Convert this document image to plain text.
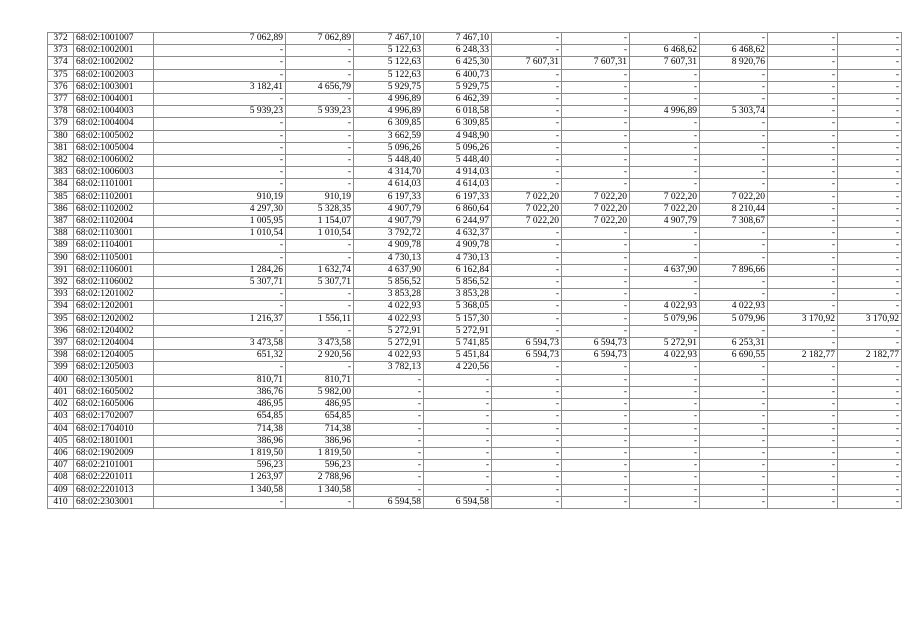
372	68:02:1001007	7 062,89	7 062,89	7 467,10	7 467,10	-	-	-	-	-	-
373	68:02:1002001	-	-	5 122,63	6 248,33	-	-	6 468,62	6 468,62	-	-
374	68:02:1002002	-	-	5 122,63	6 425,30	7 607,31	7 607,31	7 607,31	8 920,76	-	-
375	68:02:1002003	-	-	5 122,63	6 400,73	-	-	-	-	-	-
376	68:02:1003001	3 182,41	4 656,79	5 929,75	5 929,75	-	-	-	-	-	-
377	68:02:1004001	-	-	4 996,89	6 462,39	-	-	-	-	-	-
378	68:02:1004003	5 939,23	5 939,23	4 996,89	6 018,58	-	-	4 996,89	5 303,74	-	-
379	68:02:1004004	-	-	6 309,85	6 309,85	-	-	-	-	-	-
380	68:02:1005002	-	-	3 662,59	4 948,90	-	-	-	-	-	-
381	68:02:1005004	-	-	5 096,26	5 096,26	-	-	-	-	-	-
382	68:02:1006002	-	-	5 448,40	5 448,40	-	-	-	-	-	-
383	68:02:1006003	-	-	4 314,70	4 914,03	-	-	-	-	-	-
384	68:02:1101001	-	-	4 614,03	4 614,03	-	-	-	-	-	-
385	68:02:1102001	910,19	910,19	6 197,33	6 197,33	7 022,20	7 022,20	7 022,20	7 022,20	-	-
386	68:02:1102002	4 297,30	5 328,35	4 907,79	6 860,64	7 022,20	7 022,20	7 022,20	8 210,44	-	-
387	68:02:1102004	1 005,95	1 154,07	4 907,79	6 244,97	7 022,20	7 022,20	4 907,79	7 308,67	-	-
388	68:02:1103001	1 010,54	1 010,54	3 792,72	4 632,37	-	-	-	-	-	-
389	68:02:1104001	-	-	4 909,78	4 909,78	-	-	-	-	-	-
390	68:02:1105001	-	-	4 730,13	4 730,13	-	-	-	-	-	-
391	68:02:1106001	1 284,26	1 632,74	4 637,90	6 162,84	-	-	4 637,90	7 896,66	-	-
392	68:02:1106002	5 307,71	5 307,71	5 856,52	5 856,52	-	-	-	-	-	-
393	68:02:1201002	-	-	3 853,28	3 853,28	-	-	-	-	-	-
394	68:02:1202001	-	-	4 022,93	5 368,05	-	-	4 022,93	4 022,93	-	-
395	68:02:1202002	1 216,37	1 556,11	4 022,93	5 157,30	-	-	5 079,96	5 079,96	3 170,92	3 170,92
396	68:02:1204002	-	-	5 272,91	5 272,91	-	-	-	-	-	-
397	68:02:1204004	3 473,58	3 473,58	5 272,91	5 741,85	6 594,73	6 594,73	5 272,91	6 253,31	-	-
398	68:02:1204005	651,32	2 920,56	4 022,93	5 451,84	6 594,73	6 594,73	4 022,93	6 690,55	2 182,77	2 182,77
399	68:02:1205003	-	-	3 782,13	4 220,56	-	-	-	-	-	-
400	68:02:1305001	810,71	810,71	-	-	-	-	-	-	-	-
401	68:02:1605002	386,76	5 982,00	-	-	-	-	-	-	-	-
402	68:02:1605006	486,95	486,95	-	-	-	-	-	-	-	-
403	68:02:1702007	654,85	654,85	-	-	-	-	-	-	-	-
404	68:02:1704010	714,38	714,38	-	-	-	-	-	-	-	-
405	68:02:1801001	386,96	386,96	-	-	-	-	-	-	-	-
406	68:02:1902009	1 819,50	1 819,50	-	-	-	-	-	-	-	-
407	68:02:2101001	596,23	596,23	-	-	-	-	-	-	-	-
408	68:02:2201011	1 263,97	2 788,96	-	-	-	-	-	-	-	-
409	68:02:2201013	1 340,58	1 340,58	-	-	-	-	-	-	-	-
410	68:02:2303001	-	-	6 594,58	6 594,58	-	-	-	-	-	-
